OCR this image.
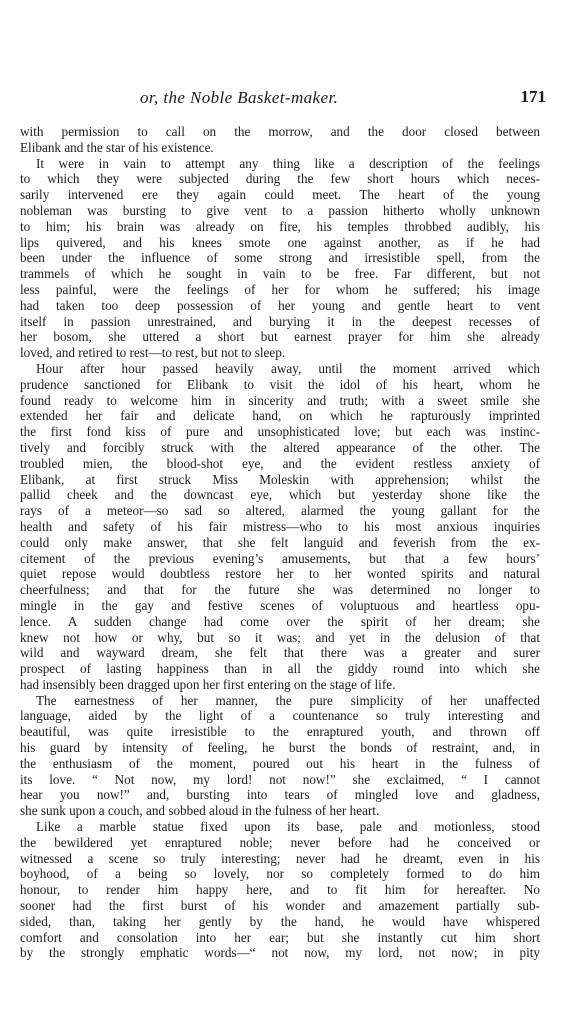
or, the Noble Basket-maker.	171
with permission to call on the morrow, and the door closed between
Elibank and the star of his existence.
It were in vain to attempt any thing like a description of the feelings
to which they were subjected during the few short hours which neces-
sarily intervened ere they again could meet. The heart of the young
nobleman was bursting to give vent to a passion hitherto wholly unknown
to him; his brain was already on fire, his temples throbbed audibly, his
lips quivered, and his knees smote one against another, as if he had
been under the influence of some strong and irresistible spell, from the
trammels of which he sought in vain to be free. Far different, but not
less painful, were the feelings of her for whom he suffered; his image
had taken too deep possession of her young and gentle heart to vent
itself in passion unrestrained, and burying it in the deepest recesses of
her bosom, she uttered a short but earnest prayer for him she already
loved, and retired to rest—to rest, but not to sleep.
Hour after hour passed heavily away, until the moment arrived which
prudence sanctioned for Elibank to visit the idol of his heart, whom he
found ready to welcome him in sincerity and truth; with a sweet smile she
extended her fair and delicate hand, on which he rapturously imprinted
the first fond kiss of pure and unsophisticated love; but each was instinc-
tively and forcibly struck with the altered appearance of the other. The
troubled mien, the blood-shot eye, and the evident restless anxiety of
Elibank, at first struck Miss Moleskin with apprehension; whilst the
pallid cheek and the downcast eye, which but yesterday shone like the
rays of a meteor—so sad so altered, alarmed the young gallant for the
health and safety of his fair mistress—who to his most anxious inquiries
could only make answer, that she felt languid and feverish from the ex-
citement of the previous evening’s amusements, but that a few hours’
quiet repose would doubtless restore her to her wonted spirits and natural
cheerfulness; and that for the future she was determined no longer to
mingle in the gay and festive scenes of voluptuous and heartless opu-
lence. A sudden change had come over the spirit of her dream; she
knew not how or why, but so it was; and yet in the delusion of that
wild and wayward dream, she felt that there was a greater and surer
prospect of lasting happiness than in all the giddy round into which she
had insensibly been dragged upon her first entering on the stage of life.
The earnestness of her manner, the pure simplicity of her unaffected
language, aided by the light of a countenance so truly interesting and
beautiful, was quite irresistible to the enraptured youth, and thrown off
his guard by intensity of feeling, he burst the bonds of restraint, and, in
the enthusiasm of the moment, poured out his heart in the fulness of
its love. “ Not now, my lord! not now!” she exclaimed, “ I cannot
hear you now!” and, bursting into tears of mingled love and gladness,
she sunk upon a couch, and sobbed aloud in the fulness of her heart.
Like a marble statue fixed upon its base, pale and motionless, stood
the bewildered yet enraptured noble; never before had he conceived or
witnessed a scene so truly interesting; never had he dreamt, even in his
boyhood, of a being so lovely, nor so completely formed to do him
honour, to render him happy here, and to fit him for hereafter. No
sooner had the first burst of his wonder and amazement partially sub-
sided, than, taking her gently by the hand, he would have whispered
comfort and consolation into her ear; but she instantly cut him short
by the strongly emphatic words—“ not now, my lord, not now; in pity
